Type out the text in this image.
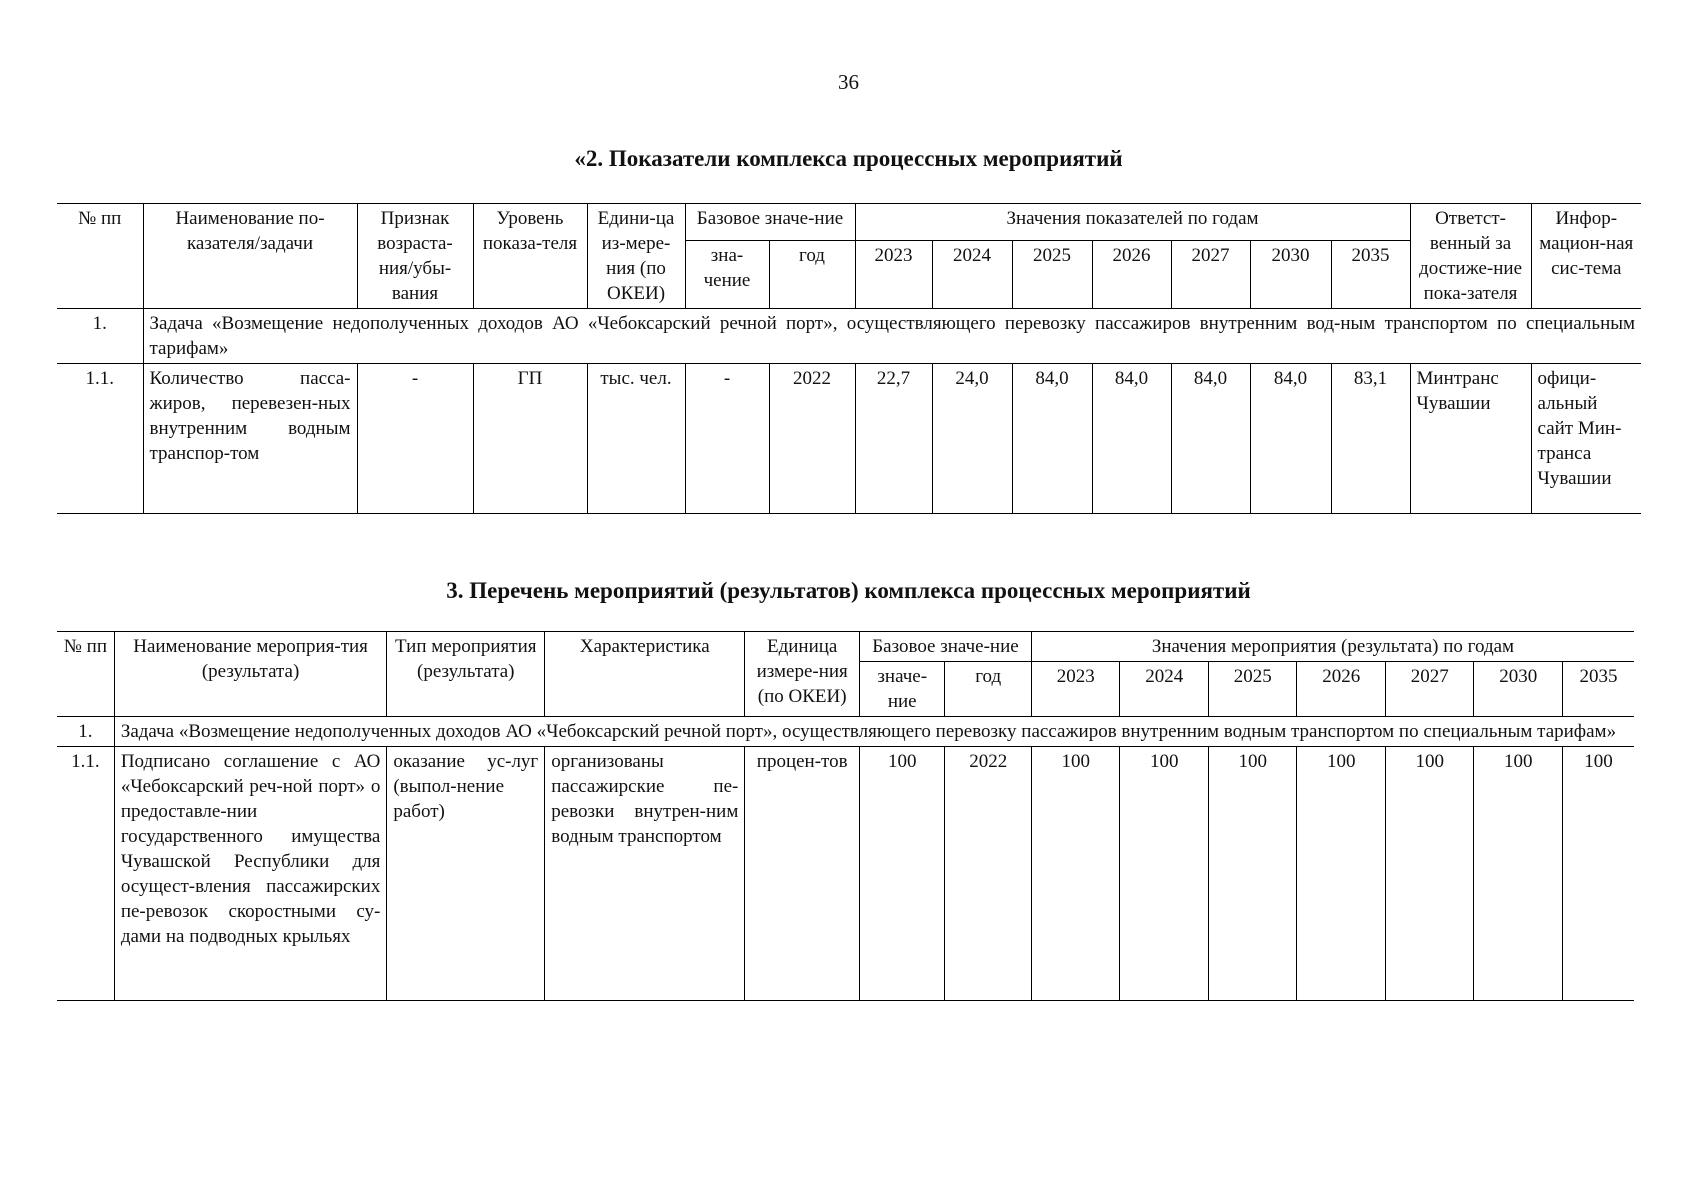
36
«2. Показатели комплекса процессных мероприятий
№ пп	Наименование по-казателя/задачи	Признак возраста-ния/убы-вания	Уровень показа-теля	Едини-ца из-мере-ния (по ОКЕИ)	Базовое значе-ние		Значения показателей по годам							Ответст-венный за достиже-ние пока-зателя	Инфор-мацион-ная сис-тема
					зна-чение	год	2023	2024	2025	2026	2027	2030	2035		
1.	Задача «Возмещение недополученных доходов АО «Чебоксарский речной порт», осуществляющего перевозку пассажиров внутренним вод-ным транспортом по специальным тарифам»														
1.1.	Количество пасса-жиров, перевезен-ных внутренним водным транспор-том	-	ГП	тыс. чел.	-	2022	22,7	24,0	84,0	84,0	84,0	84,0	83,1	Минтранс Чувашии	офици-альный сайт Мин-транса Чувашии
3. Перечень мероприятий (результатов) комплекса процессных мероприятий
№ пп	Наименование мероприя-тия (результата)	Тип мероприятия (результата)	Характеристика	Единица измере-ния (по ОКЕИ)	Базовое значе-ние		Значения мероприятия (результата) по годам						
					значе-ние	год	2023	2024	2025	2026	2027	2030	2035
1.	Задача «Возмещение недополученных доходов АО «Чебоксарский речной порт», осуществляющего перевозку пассажиров внутренним водным транспортом по специальным тарифам»												
1.1.	Подписано соглашение с АО «Чебоксарский реч-ной порт» о предоставле-нии государственного имущества Чувашской Республики для осущест-вления пассажирских пе-ревозок скоростными су-дами на подводных крыльях	оказание ус-луг (выпол-нение работ)	организованы пассажирские пе-ревозки внутрен-ним водным транспортом	процен-тов	100	2022	100	100	100	100	100	100	100
